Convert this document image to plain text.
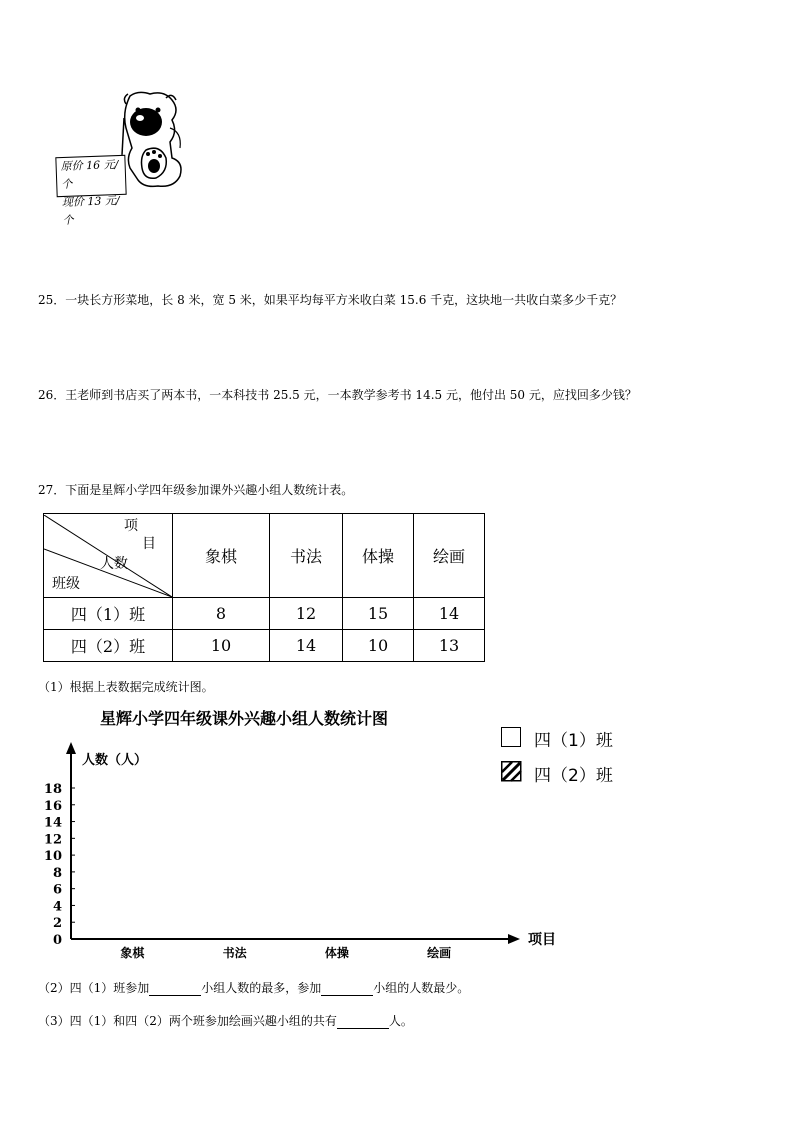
原价 16 元/个
现价 13 元/个
25．一块长方形菜地，长 8 米，宽 5 米，如果平均每平方米收白菜 15.6 千克，这块地一共收白菜多少千克？
26．王老师到书店买了两本书，一本科技书 25.5 元，一本教学参考书 14.5 元，他付出 50 元，应找回多少钱？
27．下面是星辉小学四年级参加课外兴趣小组人数统计表。
项
目
人数
班级	象棋	书法	体操	绘画
四（1）班	8	12	15	14
四（2）班	10	14	10	13
（1）根据上表数据完成统计图。
星辉小学四年级课外兴趣小组人数统计图
四（1）班
四（2）班
人数（人）
项目
0
2
4
6
8
10
12
14
16
18
象棋	书法	体操	绘画
（2）四（1）班参加	小组人数的最多，参加	小组的人数最少。
（3）四（1）和四（2）两个班参加绘画兴趣小组的共有	人。
